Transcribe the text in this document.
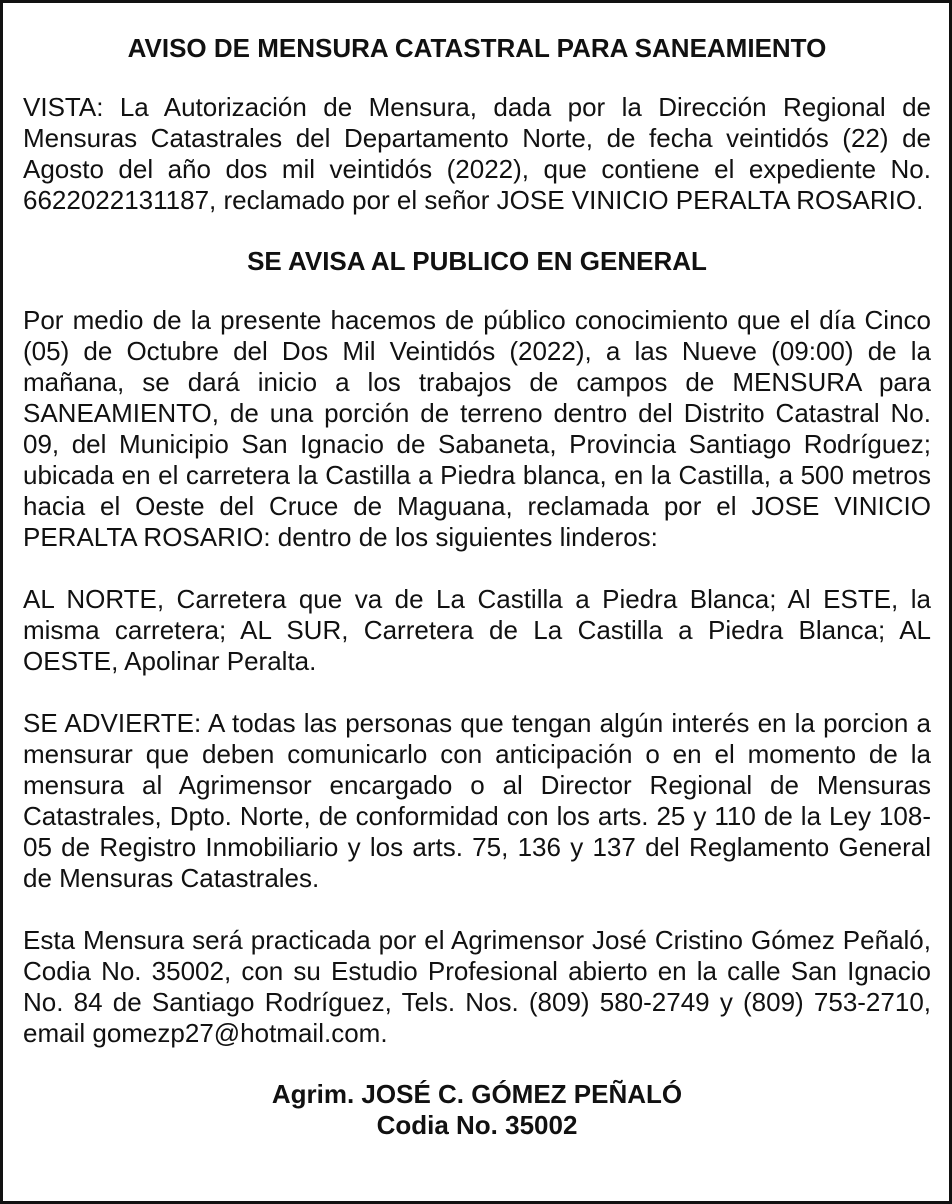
AVISO DE MENSURA CATASTRAL PARA SANEAMIENTO

VISTA: La Autorización de Mensura, dada por la Dirección Regional de Mensuras Catastrales del Departamento Norte, de fecha veintidós (22) de Agosto del año dos mil veintidós (2022), que contiene el expediente No. 6622022131187, reclamado por el señor JOSE VINICIO PERALTA ROSARIO.

SE AVISA AL PUBLICO EN GENERAL

Por medio de la presente hacemos de público conocimiento que el día Cinco (05) de Octubre del Dos Mil Veintidós (2022), a las Nueve (09:00) de la mañana, se dará inicio a los trabajos de campos de MENSURA para SANEAMIENTO, de una porción de terreno dentro del Distrito Catastral No. 09, del Municipio San Ignacio de Sabaneta, Provincia Santiago Rodríguez; ubicada en el carretera la Castilla a Piedra blanca, en la Castilla, a 500 metros hacia el Oeste del Cruce de Maguana, reclamada por el JOSE VINICIO PERALTA ROSARIO: dentro de los siguientes linderos:

AL NORTE, Carretera que va de La Castilla a Piedra Blanca; Al ESTE, la misma carretera; AL SUR, Carretera de La Castilla a Piedra Blanca; AL OESTE, Apolinar Peralta.

SE ADVIERTE: A todas las personas que tengan algún interés en la porcion a mensurar que deben comunicarlo con anticipación o en el momento de la mensura al Agrimensor encargado o al Director Regional de Mensuras Catastrales, Dpto. Norte, de conformidad con los arts. 25 y 110 de la Ley 108-05 de Registro Inmobiliario y los arts. 75, 136 y 137 del Reglamento General de Mensuras Catastrales.

Esta Mensura será practicada por el Agrimensor José Cristino Gómez Peñaló, Codia No. 35002, con su Estudio Profesional abierto en la calle San Ignacio No. 84 de Santiago Rodríguez, Tels. Nos. (809) 580-2749 y (809) 753-2710, email gomezp27@hotmail.com.

Agrim. JOSÉ C. GÓMEZ PEÑALÓ
Codia No. 35002
